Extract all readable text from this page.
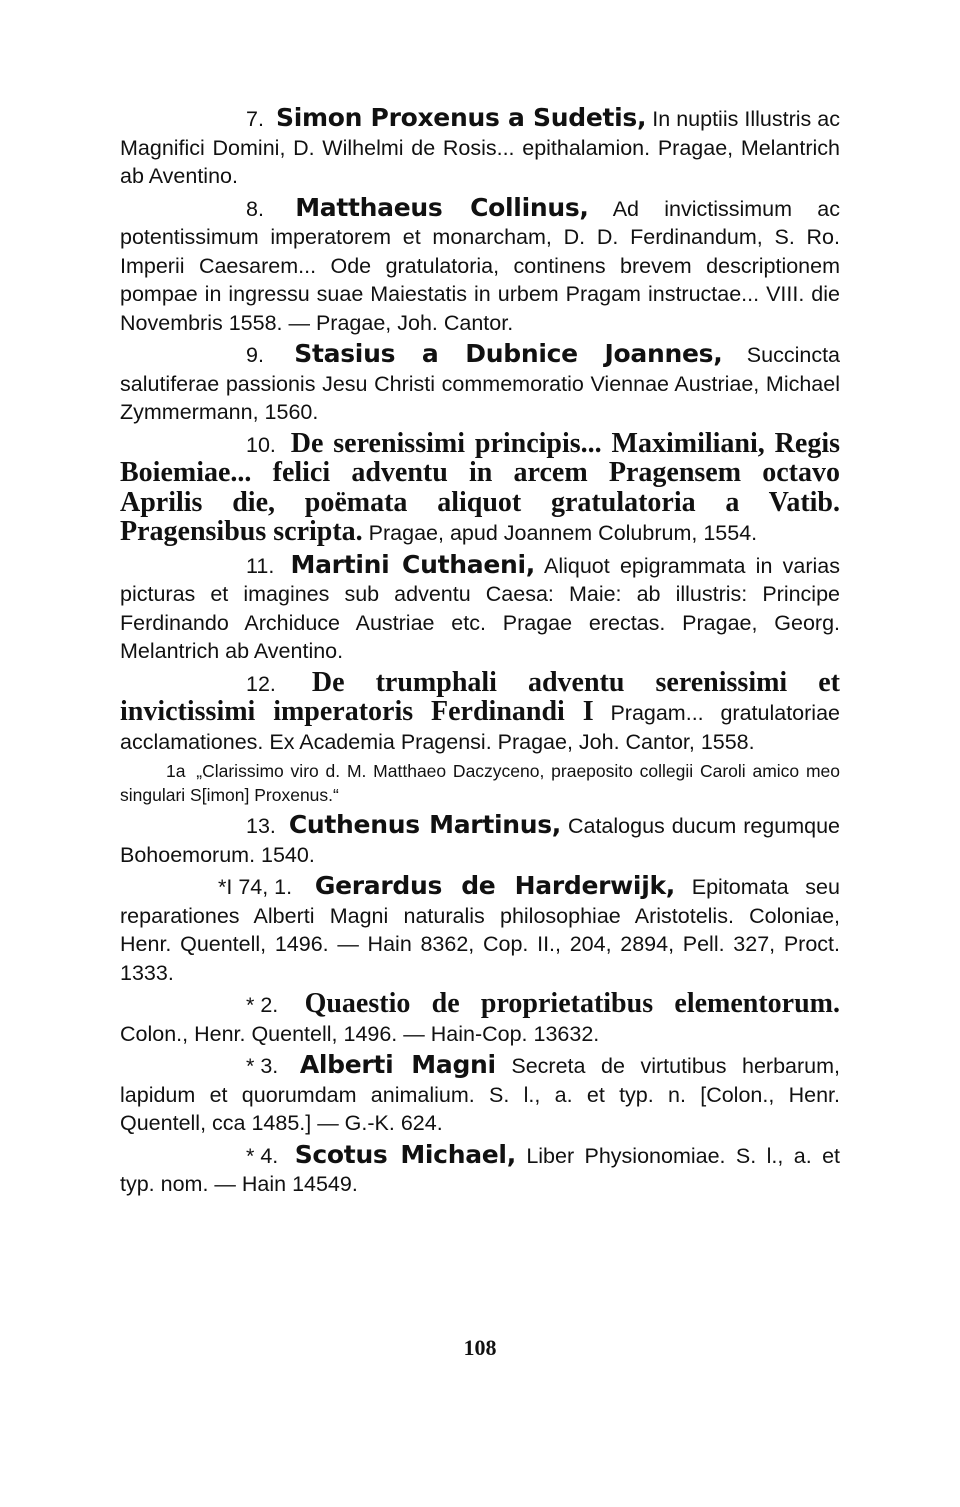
7. Simon Proxenus a Sudetis, In nuptiis Illustris ac Magnifici Domini, D. Wilhelmi de Rosis... epithalamion. Pragae, Melantrich ab Aventino.

8. Matthaeus Collinus, Ad invictissimum ac potentissimum imperatorem et monarcham, D. D. Ferdinandum, S. Ro. Imperii Caesarem... Ode gratulatoria, continens brevem descriptionem pompae in ingressu suae Maiestatis in urbem Pragam instructae... VIII. die Novembris 1558. — Pragae, Joh. Cantor.

9. Stasius a Dubnice Joannes, Succincta salutiferae passionis Jesu Christi commemoratio Viennae Austriae, Michael Zymmermann, 1560.

10. De serenissimi principis... Maximiliani, Regis Boiemiae... felici adventu in arcem Pragensem octavo Aprilis die, poëmata aliquot gratulatoria a Vatib. Pragensibus scripta. Pragae, apud Joannem Colubrum, 1554.

11. Martini Cuthaeni, Aliquot epigrammata in varias picturas et imagines sub adventu Caesa: Maie: ab illustris: Principe Ferdinando Archiduce Austriae etc. Pragae erectas. Pragae, Georg. Melantrich ab Aventino.

12. De trumphali adventu serenissimi et invictissimi imperatoris Ferdinandi I Pragam... gratulatoriae acclamationes. Ex Academia Pragensi. Pragae, Joh. Cantor, 1558.

1a „Clarissimo viro d. M. Matthaeo Daczyceno, praeposito collegii Caroli amico meo singulari S[imon] Proxenus.“

13. Cuthenus Martinus, Catalogus ducum regumque Bohoemorum. 1540.

*I 74, 1. Gerardus de Harderwijk, Epitomata seu reparationes Alberti Magni naturalis philosophiae Aristotelis. Coloniae, Henr. Quentell, 1496. — Hain 8362, Cop. II., 204, 2894, Pell. 327, Proct. 1333.

* 2. Quaestio de proprietatibus elementorum. Colon., Henr. Quentell, 1496. — Hain-Cop. 13632.

* 3. Alberti Magni Secreta de virtutibus herbarum, lapidum et quorumdam animalium. S. l., a. et typ. n. [Colon., Henr. Quentell, cca 1485.] — G.-K. 624.

* 4. Scotus Michael, Liber Physionomiae. S. l., a. et typ. nom. — Hain 14549.

108
